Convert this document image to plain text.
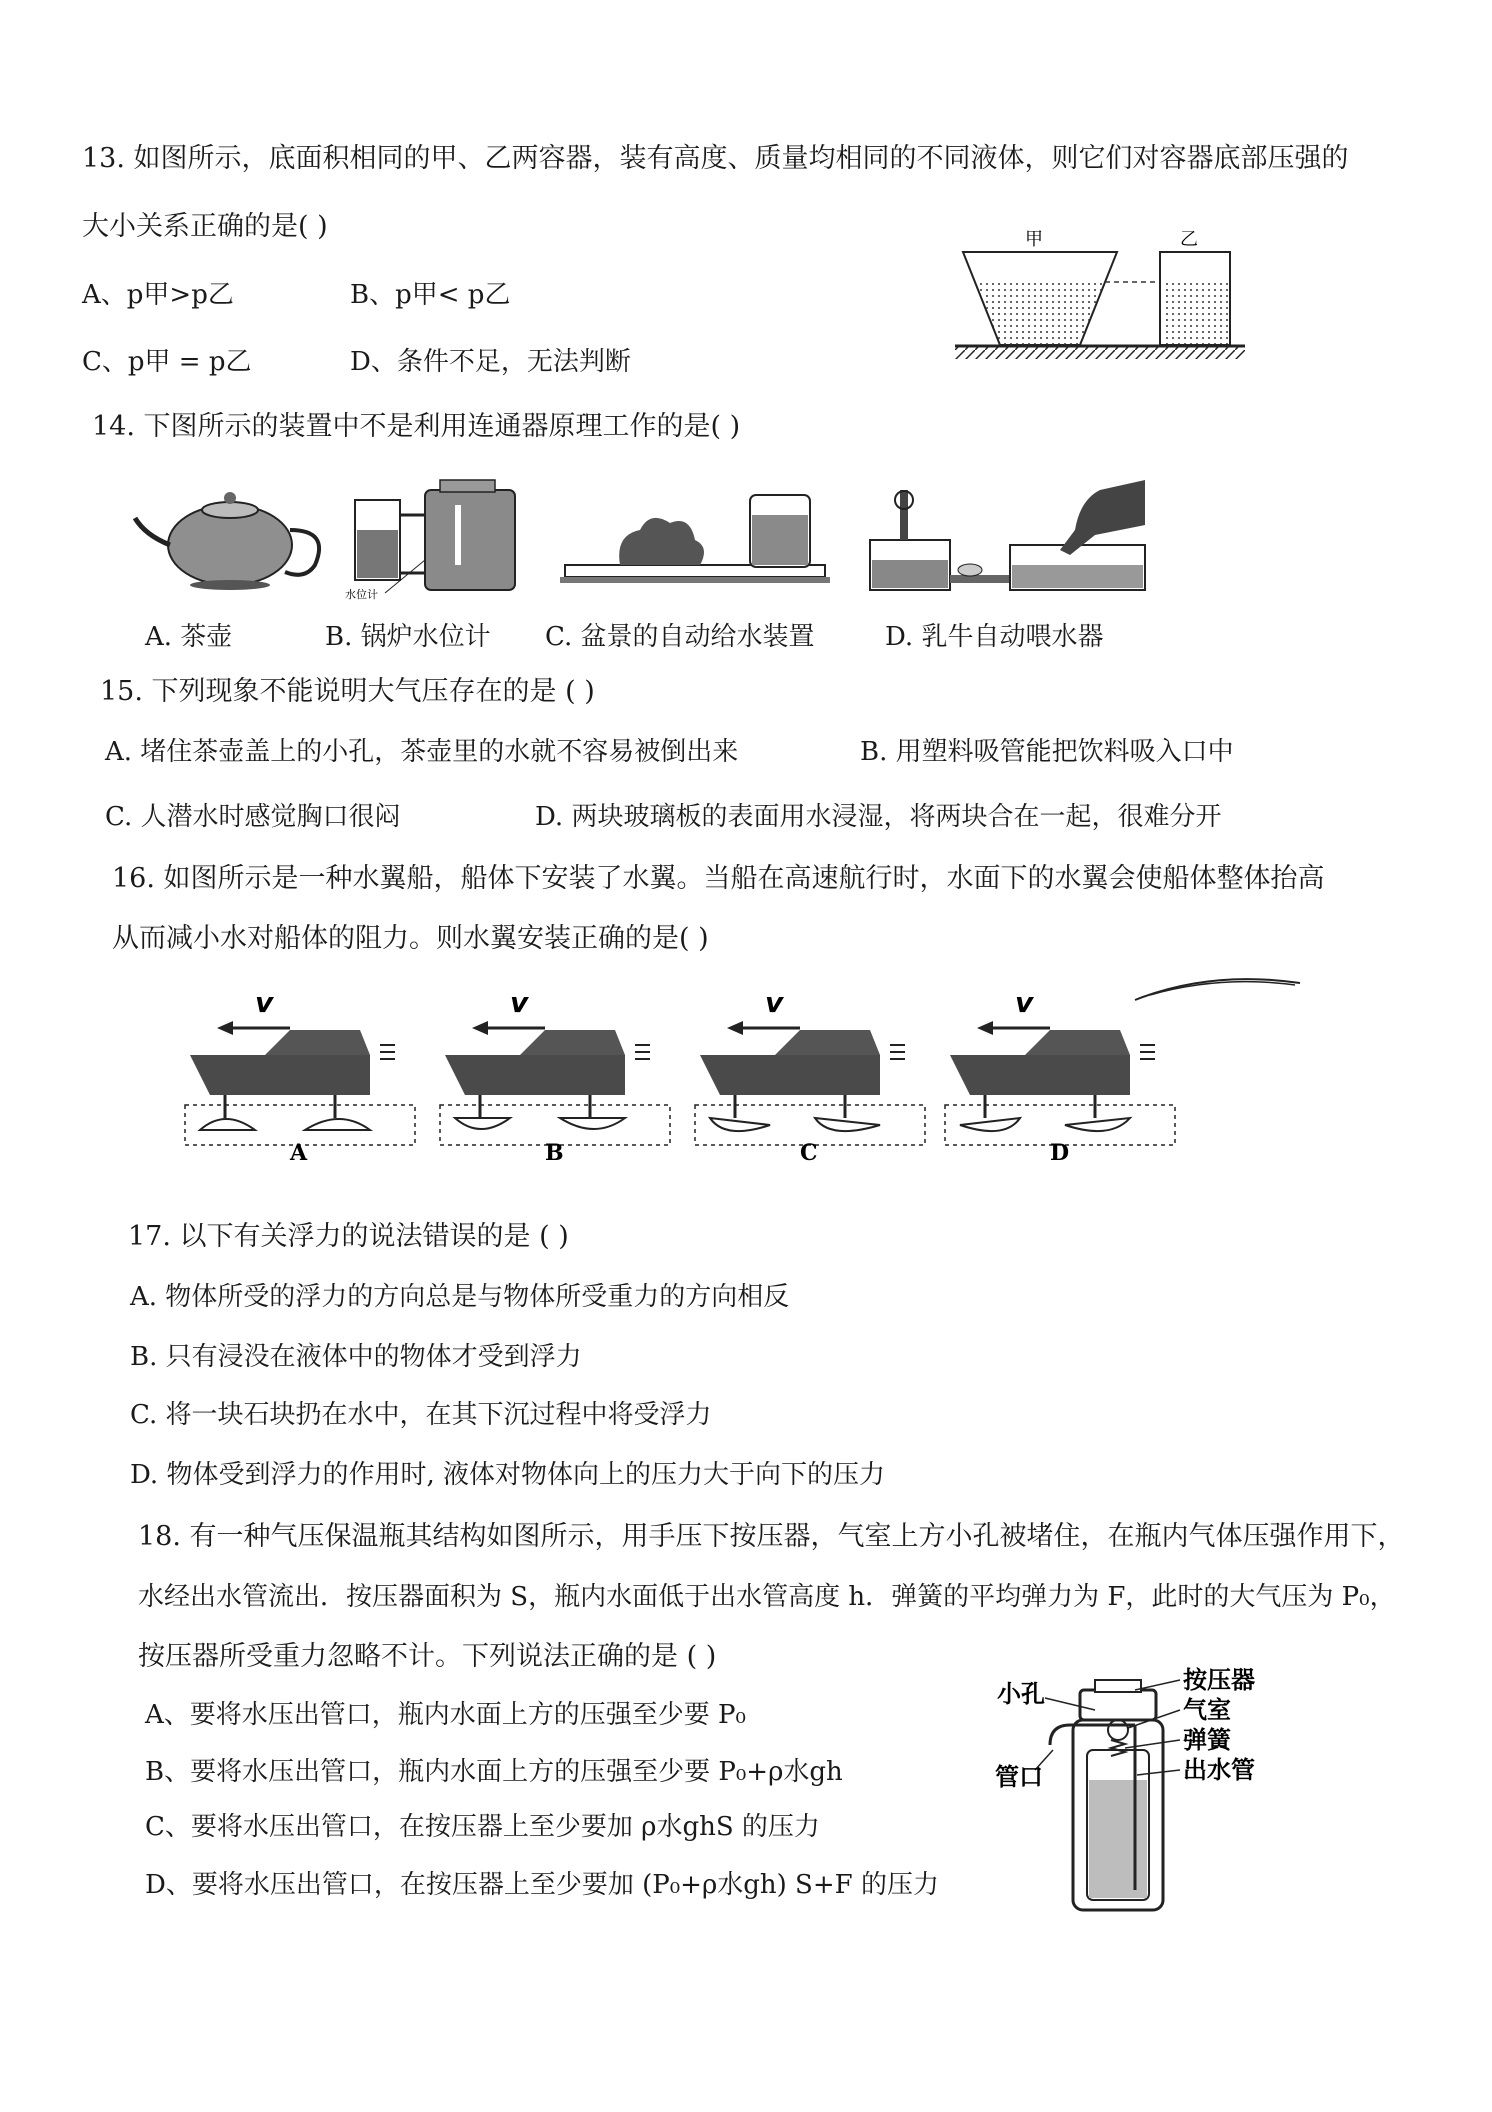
13. 如图所示，底面积相同的甲、乙两容器，装有高度、质量均相同的不同液体，则它们对容器底部压强的
大小关系正确的是( )
A、p甲>p乙	B、p甲< p乙
C、p甲 = p乙	D、条件不足，无法判断
甲	乙
14. 下图所示的装置中不是利用连通器原理工作的是( )
水位计
A. 茶壶	B. 锅炉水位计 C. 盆景的自动给水装置	D. 乳牛自动喂水器
15. 下列现象不能说明大气压存在的是 ( )
A. 堵住茶壶盖上的小孔，茶壶里的水就不容易被倒出来	B. 用塑料吸管能把饮料吸入口中
C. 人潜水时感觉胸口很闷	D. 两块玻璃板的表面用水浸湿，将两块合在一起，很难分开
16. 如图所示是一种水翼船，船体下安装了水翼。当船在高速航行时，水面下的水翼会使船体整体抬高
从而减小水对船体的阻力。则水翼安装正确的是( )
v
A
v
B
v
C
v
D
17. 以下有关浮力的说法错误的是 ( )
A. 物体所受的浮力的方向总是与物体所受重力的方向相反
B. 只有浸没在液体中的物体才受到浮力
C. 将一块石块扔在水中，在其下沉过程中将受浮力
D. 物体受到浮力的作用时, 液体对物体向上的压力大于向下的压力
18. 有一种气压保温瓶其结构如图所示，用手压下按压器，气室上方小孔被堵住，在瓶内气体压强作用下，
水经出水管流出．按压器面积为 S，瓶内水面低于出水管高度 h．弹簧的平均弹力为 F，此时的大气压为 P₀，
按压器所受重力忽略不计。下列说法正确的是 ( )
A、要将水压出管口，瓶内水面上方的压强至少要 P₀
B、要将水压出管口，瓶内水面上方的压强至少要 P₀+ρ水gh
C、要将水压出管口，在按压器上至少要加 ρ水ghS 的压力
D、要将水压出管口，在按压器上至少要加 (P₀+ρ水gh) S+F 的压力
按压器
小孔
气室
弹簧
出水管
管口
